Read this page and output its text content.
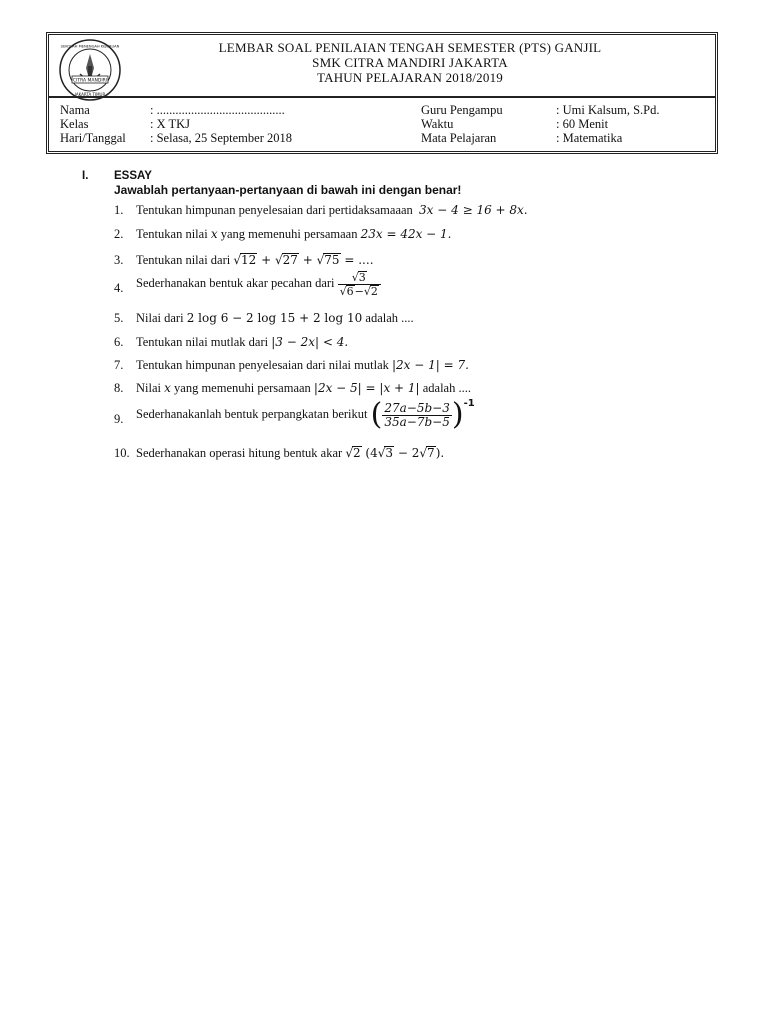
CITRA MANDIRI
SEKOLAH MENENGAH KEJURUAN
JAKARTA TIMUR
LEMBAR SOAL PENILAIAN TENGAH SEMESTER (PTS) GANJIL
SMK CITRA MANDIRI JAKARTA
TAHUN PELAJARAN 2018/2019
Nama
Kelas
Hari/Tanggal
: .........................................
: X TKJ
: Selasa, 25 September 2018
Guru Pengampu
Waktu
Mata Pelajaran
: Umi Kalsum, S.Pd.
: 60 Menit
: Matematika
I. ESSAY
Jawablah pertanyaan-pertanyaan di bawah ini dengan benar!
1. Tentukan himpunan penyelesaian dari pertidaksamaaan 3x − 4 ≥ 16 + 8x.
2. Tentukan nilai x yang memenuhi persamaan 23x = 42x − 1.
3. Tentukan nilai dari √12 + √27 + √75 = ....
4. Sederhanakan bentuk akar pecahan dari $\frac{√3}{√6-√2}$
5. Nilai dari 2 log 6 − 2 log 15 + 2 log 10 adalah ....
6. Tentukan nilai mutlak dari |3 − 2x| < 4.
7. Tentukan himpunan penyelesaian dari nilai mutlak |2x − 1| = 7.
8. Nilai x yang memenuhi persamaan |2x − 5| = |x + 1| adalah ....
9. Sederhanakanlah bentuk perpangkatan berikut ( $\frac{27a-5b-3}{35a-7b-5} )^{-1}$
10. Sederhanakan operasi hitung bentuk akar √2 (4√3 − 2√7).
